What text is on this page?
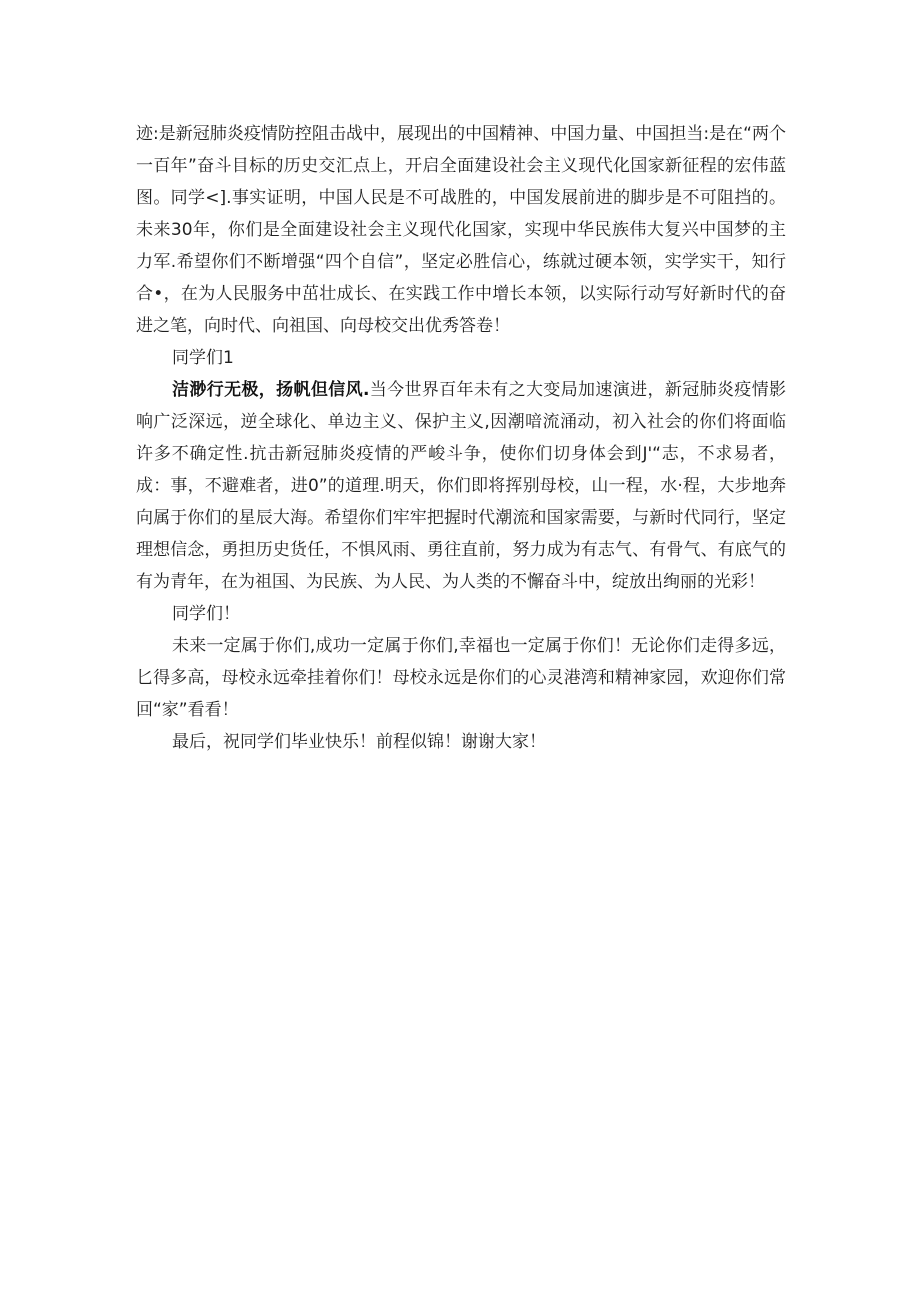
迹:是新冠肺炎疫情防控阻击战中，展现出的中国精神、中国力量、中国担当:是在“两个一百年”奋斗目标的历史交汇点上，开启全面建设社会主义现代化国家新征程的宏伟蓝图。同学<].事实证明，中国人民是不可战胜的，中国发展前进的脚步是不可阻挡的。未来30年，你们是全面建设社会主义现代化国家，实现中华民族伟大复兴中国梦的主力军.希望你们不断增强“四个自信”，坚定必胜信心，练就过硬本领，实学实干，知行合•，在为人民服务中茁壮成长、在实践工作中增长本领，以实际行动写好新时代的奋进之笔，向时代、向祖国、向母校交出优秀答卷！

同学们1

洁渺行无极，扬帆但信风.当今世界百年未有之大变局加速演进，新冠肺炎疫情影响广泛深远，逆全球化、单边主义、保护主义,因潮喑流涌动，初入社会的你们将面临许多不确定性.抗击新冠肺炎疫情的严峻斗争，使你们切身体会到J'“志，不求易者，成：事，不避难者，进0”的道理.明天，你们即将挥别母校，山一程，水·程，大步地奔向属于你们的星辰大海。希望你们牢牢把握时代潮流和国家需要，与新时代同行，坚定理想信念，勇担历史货任，不惧风雨、勇往直前，努力成为有志气、有骨气、有底气的有为青年，在为祖国、为民族、为人民、为人类的不懈奋斗中，绽放出绚丽的光彩！

同学们！

未来一定属于你们,成功一定属于你们,幸福也一定属于你们！无论你们走得多远，匕得多高，母校永远牵挂着你们！母校永远是你们的心灵港湾和精神家园，欢迎你们常回“家”看看！

最后，祝同学们毕业快乐！前程似锦！谢谢大家！
